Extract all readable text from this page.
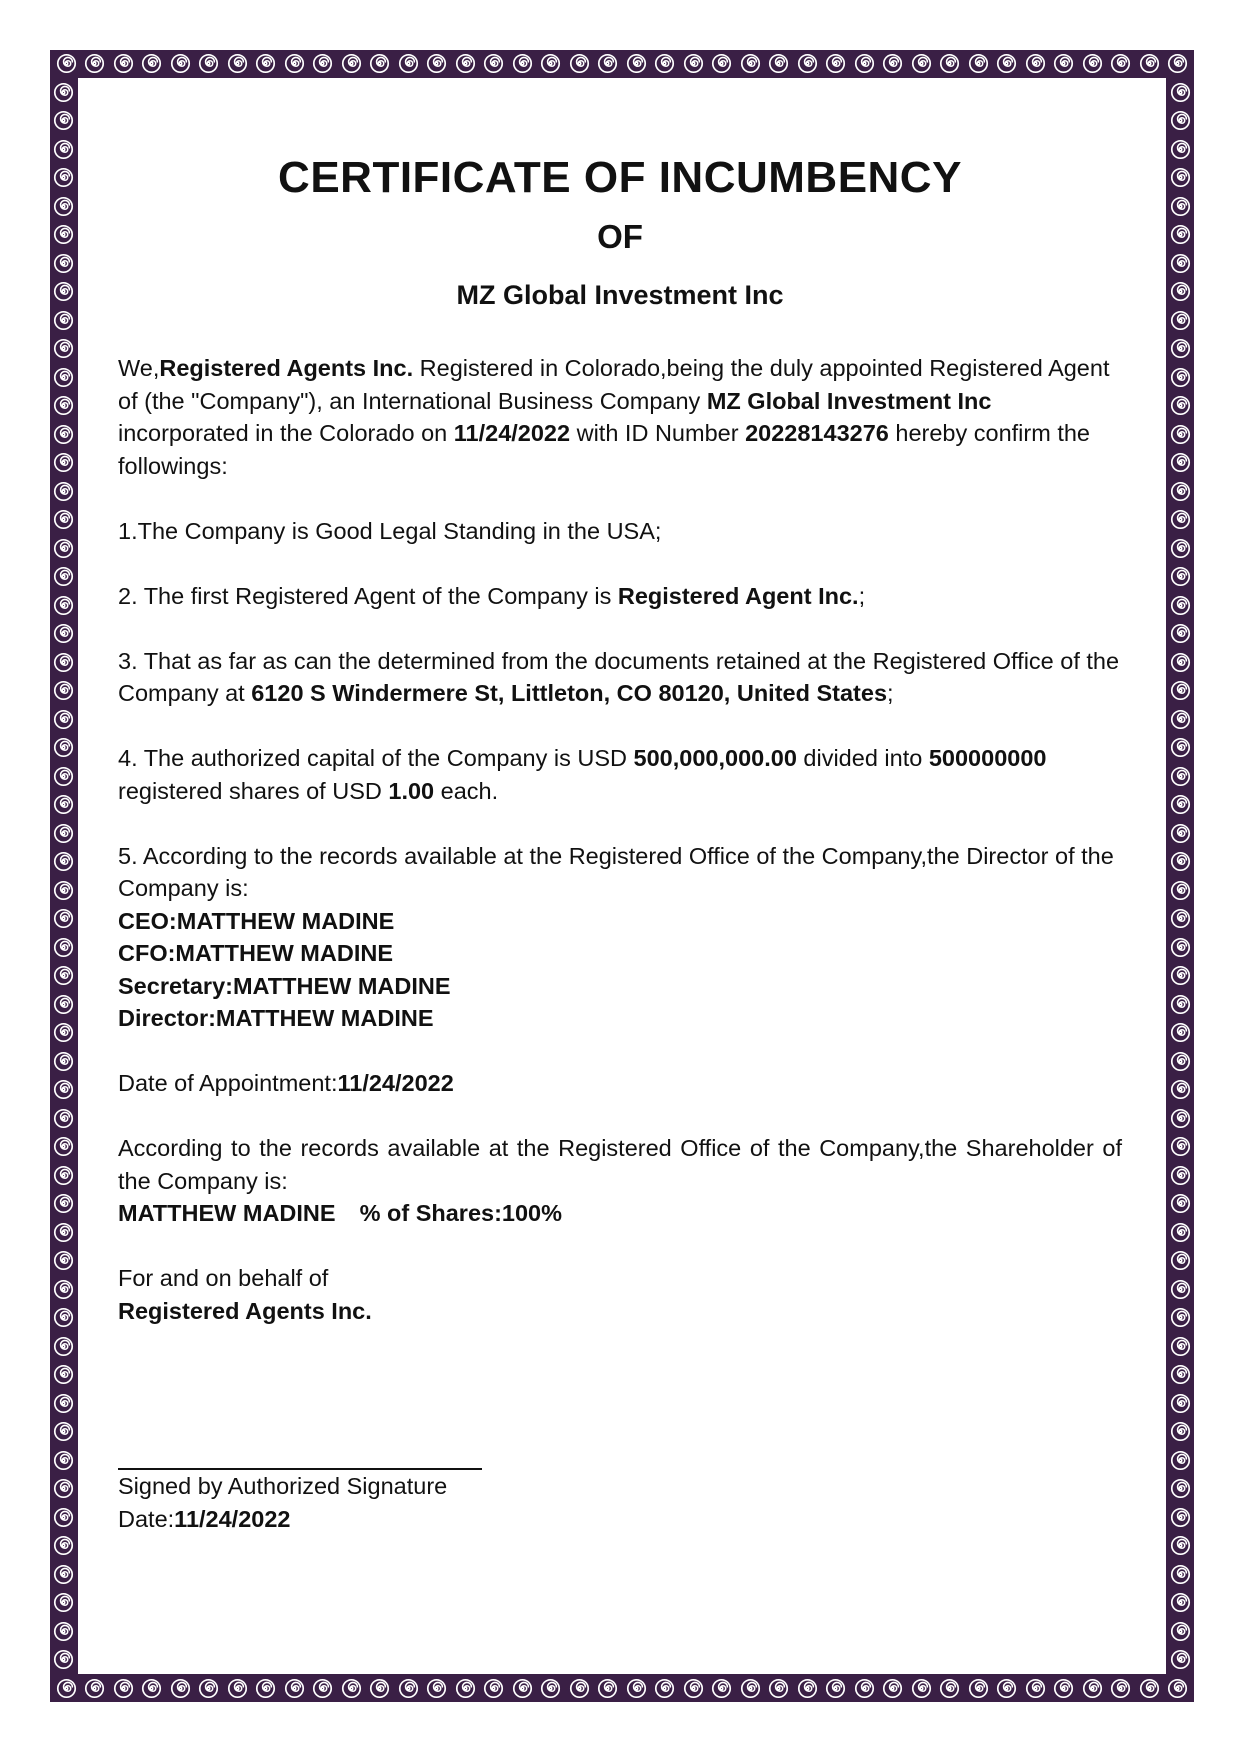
CERTIFICATE OF INCUMBENCY
OF
MZ Global Investment Inc

We,Registered Agents Inc. Registered in Colorado,being the duly appointed Registered Agent of (the "Company"), an International Business Company MZ Global Investment Inc incorporated in the Colorado on 11/24/2022 with ID Number 20228143276 hereby confirm the followings:

1.The Company is Good Legal Standing in the USA;

2. The first Registered Agent of the Company is Registered Agent Inc.;

3. That as far as can the determined from the documents retained at the Registered Office of the Company at 6120 S Windermere St, Littleton, CO 80120, United States;

4. The authorized capital of the Company is USD 500,000,000.00 divided into 500000000 registered shares of USD 1.00 each.

5. According to the records available at the Registered Office of the Company,the Director of the Company is:

CEO:MATTHEW MADINE
CFO:MATTHEW MADINE
Secretary:MATTHEW MADINE
Director:MATTHEW MADINE

Date of Appointment:11/24/2022

According to the records available at the Registered Office of the Company,the Shareholder of the Company is:

MATTHEW MADINE % of Shares:100%

For and on behalf of

Registered Agents Inc.

Signed by Authorized Signature

Date:11/24/2022
